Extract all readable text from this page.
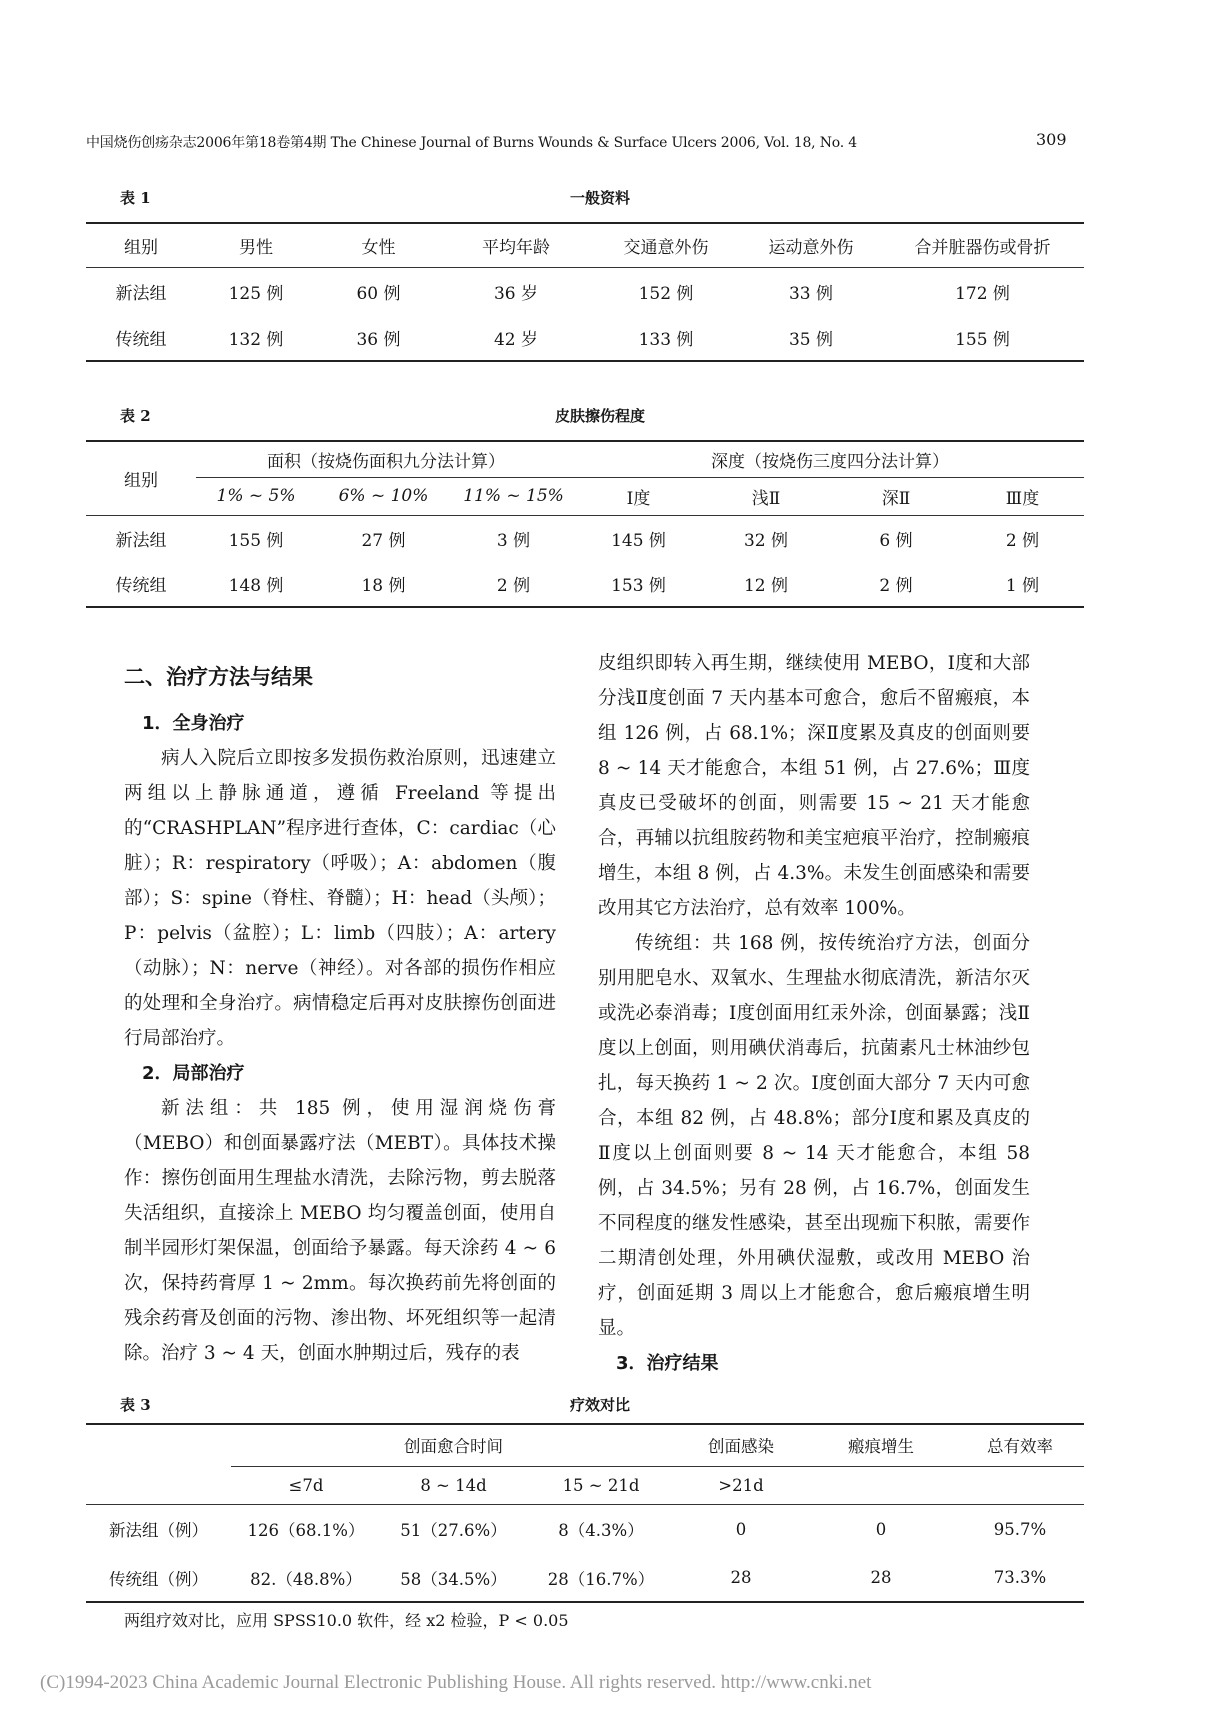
中国烧伤创疡杂志2006年第18卷第4期 The Chinese Journal of Burns Wounds & Surface Ulcers 2006, Vol. 18, No. 4	309
表 1	一般资料
组别	男性	女性	平均年龄	交通意外伤	运动意外伤	合并脏器伤或骨折
新法组	125 例	60 例	36 岁	152 例	33 例	172 例
传统组	132 例	36 例	42 岁	133 例	35 例	155 例
表 2	皮肤擦伤程度
组别	面积（按烧伤面积九分法计算）			深度（按烧伤三度四分法计算）			
	1% ~ 5%	6% ~ 10%	11% ~ 15%	Ⅰ度	浅Ⅱ	深Ⅱ	Ⅲ度
新法组	155 例	27 例	3 例	145 例	32 例	6 例	2 例
传统组	148 例	18 例	2 例	153 例	12 例	2 例	1 例

二、治疗方法与结果

1．全身治疗

病人入院后立即按多发损伤救治原则，迅速建立两组以上静脉通道，遵循 Freeland 等提出的“CRASHPLAN”程序进行查体，C：cardiac（心脏）；R：respiratory（呼吸）；A：abdomen（腹部）；S：spine（脊柱、脊髓）；H：head（头颅）；P：pelvis（盆腔）；L：limb（四肢）；A：artery（动脉）；N：nerve（神经）。对各部的损伤作相应的处理和全身治疗。病情稳定后再对皮肤擦伤创面进行局部治疗。

2．局部治疗

新法组：共 185 例，使用湿润烧伤膏（MEBO）和创面暴露疗法（MEBT）。具体技术操作：擦伤创面用生理盐水清洗，去除污物，剪去脱落失活组织，直接涂上 MEBO 均匀覆盖创面，使用自制半园形灯架保温，创面给予暴露。每天涂药 4 ~ 6 次，保持药膏厚 1 ~ 2mm。每次换药前先将创面的残余药膏及创面的污物、渗出物、坏死组织等一起清除。治疗 3 ~ 4 天，创面水肿期过后，残存的表

皮组织即转入再生期，继续使用 MEBO，Ⅰ度和大部分浅Ⅱ度创面 7 天内基本可愈合，愈后不留瘢痕，本组 126 例，占 68.1%；深Ⅱ度累及真皮的创面则要 8 ~ 14 天才能愈合，本组 51 例，占 27.6%；Ⅲ度真皮已受破坏的创面，则需要 15 ~ 21 天才能愈合，再辅以抗组胺药物和美宝疤痕平治疗，控制瘢痕增生，本组 8 例，占 4.3%。未发生创面感染和需要改用其它方法治疗，总有效率 100%。

传统组：共 168 例，按传统治疗方法，创面分别用肥皂水、双氧水、生理盐水彻底清洗，新洁尔灭或洗必泰消毒；Ⅰ度创面用红汞外涂，创面暴露；浅Ⅱ度以上创面，则用碘伏消毒后，抗菌素凡士林油纱包扎，每天换药 1 ~ 2 次。Ⅰ度创面大部分 7 天内可愈合，本组 82 例，占 48.8%；部分Ⅰ度和累及真皮的Ⅱ度以上创面则要 8 ~ 14 天才能愈合，本组 58 例，占 34.5%；另有 28 例，占 16.7%，创面发生不同程度的继发性感染，甚至出现痂下积脓，需要作二期清创处理，外用碘伏湿敷，或改用 MEBO 治疗，创面延期 3 周以上才能愈合，愈后瘢痕增生明显。

3．治疗结果

表 3	疗效对比
	创面愈合时间			创面感染	瘢痕增生	总有效率
	≤7d	8 ~ 14d	15 ~ 21d	>21d		
新法组（例）	126（68.1%）	51（27.6%）	8（4.3%）	0	0	95.7%
传统组（例）	82.（48.8%）	58（34.5%）	28（16.7%）	28	28	73.3%
两组疗效对比，应用 SPSS10.0 软件，经 x2 检验，P < 0.05
(C)1994-2023 China Academic Journal Electronic Publishing House. All rights reserved. http://www.cnki.net
